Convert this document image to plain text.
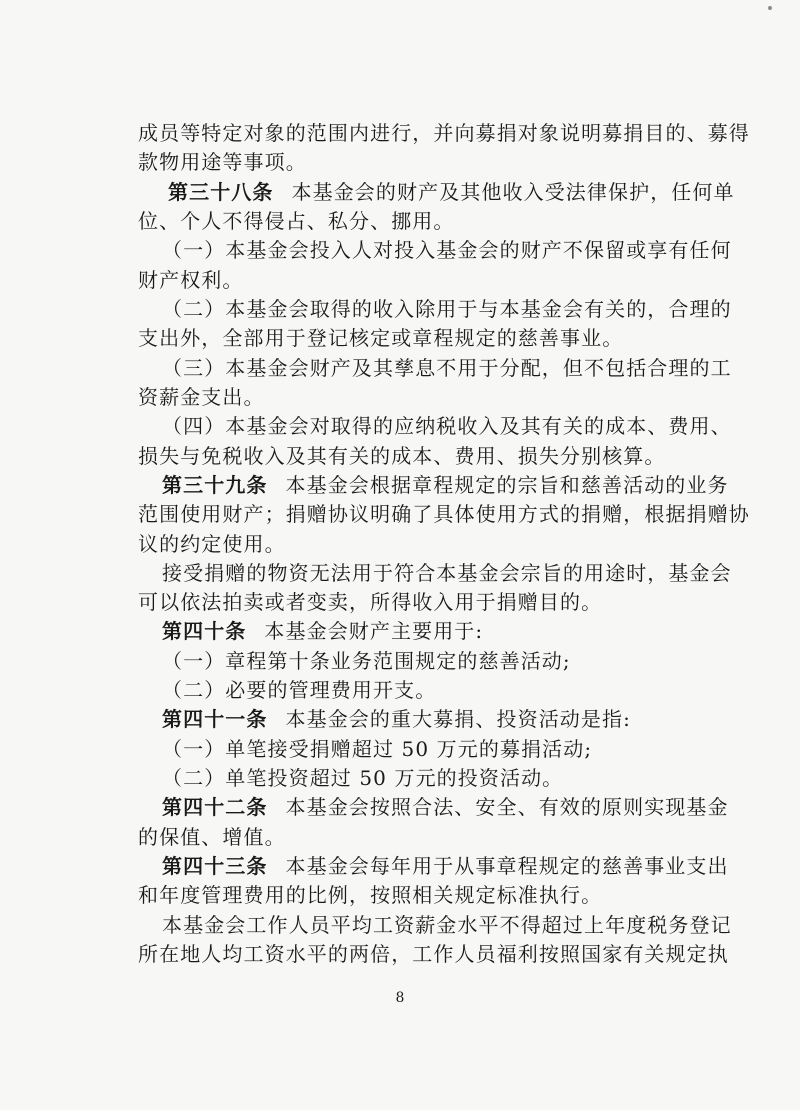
成员等特定对象的范围内进行，并向募捐对象说明募捐目的、募得
款物用途等事项。
第三十八条 本基金会的财产及其他收入受法律保护，任何单
位、个人不得侵占、私分、挪用。
（一）本基金会投入人对投入基金会的财产不保留或享有任何
财产权利。
（二）本基金会取得的收入除用于与本基金会有关的，合理的
支出外，全部用于登记核定或章程规定的慈善事业。
（三）本基金会财产及其孳息不用于分配，但不包括合理的工
资薪金支出。
（四）本基金会对取得的应纳税收入及其有关的成本、费用、
损失与免税收入及其有关的成本、费用、损失分别核算。
第三十九条 本基金会根据章程规定的宗旨和慈善活动的业务
范围使用财产；捐赠协议明确了具体使用方式的捐赠，根据捐赠协
议的约定使用。
接受捐赠的物资无法用于符合本基金会宗旨的用途时，基金会
可以依法拍卖或者变卖，所得收入用于捐赠目的。
第四十条 本基金会财产主要用于:
（一）章程第十条业务范围规定的慈善活动;
（二）必要的管理费用开支。
第四十一条 本基金会的重大募捐、投资活动是指:
（一）单笔接受捐赠超过 50 万元的募捐活动;
（二）单笔投资超过 50 万元的投资活动。
第四十二条 本基金会按照合法、安全、有效的原则实现基金
的保值、增值。
第四十三条 本基金会每年用于从事章程规定的慈善事业支出
和年度管理费用的比例，按照相关规定标准执行。
本基金会工作人员平均工资薪金水平不得超过上年度税务登记
所在地人均工资水平的两倍，工作人员福利按照国家有关规定执
8
